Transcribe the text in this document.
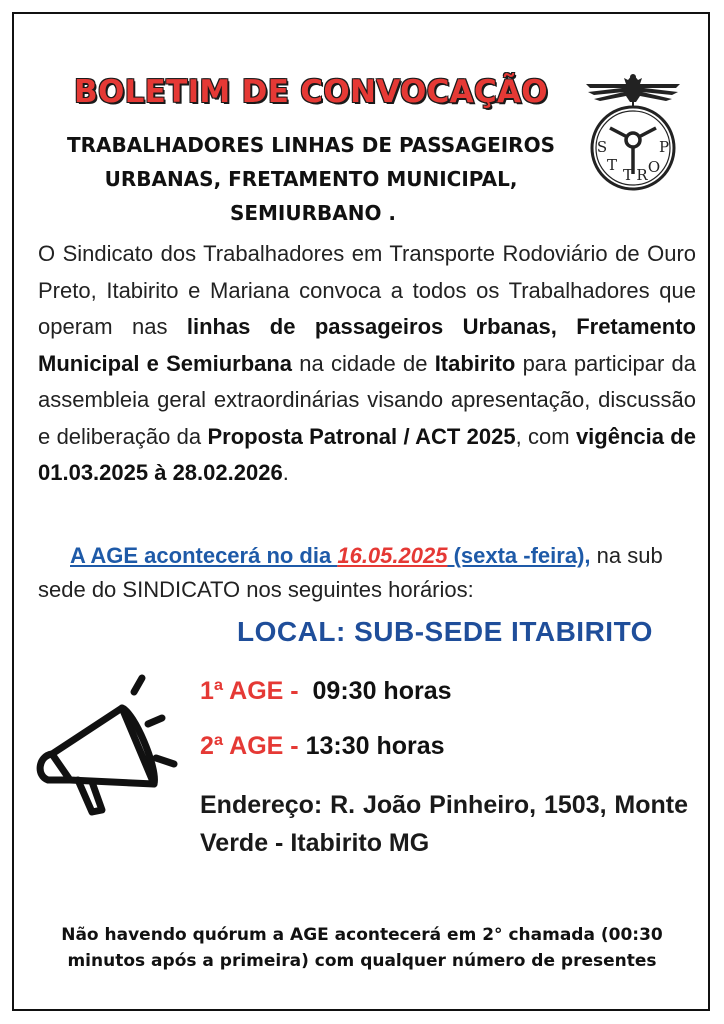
BOLETIM DE CONVOCAÇÃO
TRABALHADORES LINHAS DE PASSAGEIROS
URBANAS, FRETAMENTO MUNICIPAL,
SEMIURBANO .
S
T
P
O
T R
O Sindicato dos Trabalhadores em Transporte Rodoviário de Ouro Preto, Itabirito e Mariana convoca a todos os Trabalhadores que operam nas linhas de passageiros Urbanas, Fretamento Municipal e Semiurbana na cidade de Itabirito para participar da assembleia geral extraordinárias visando apresentação, discussão e deliberação da Proposta Patronal / ACT 2025, com vigência de 01.03.2025 à 28.02.2026.
A AGE acontecerá no dia 16.05.2025 (sexta -feira), na sub sede do SINDICATO nos seguintes horários:
LOCAL: SUB-SEDE ITABIRITO
1ª AGE - 09:30 horas
2ª AGE - 13:30 horas
Endereço: R. João Pinheiro, 1503, Monte Verde - Itabirito MG
Não havendo quórum a AGE acontecerá em 2° chamada (00:30 minutos após a primeira) com qualquer número de presentes
